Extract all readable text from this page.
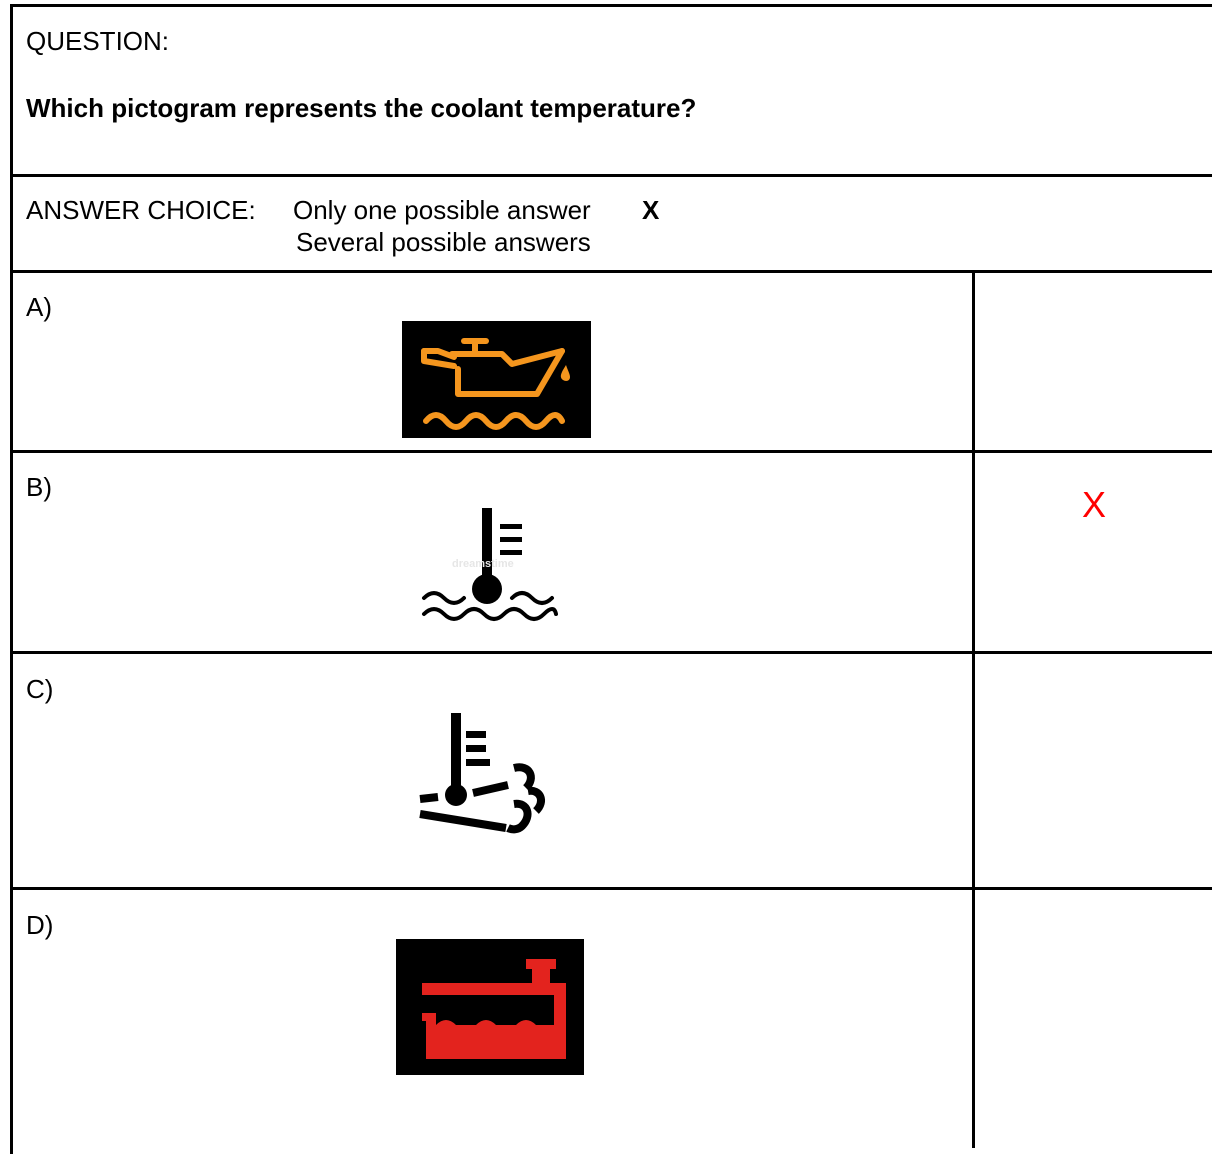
QUESTION:
Which pictogram represents the coolant temperature?
ANSWER CHOICE: Only one possible answer X
Several possible answers
A)
B)
C)
D)
X
dreamstime
